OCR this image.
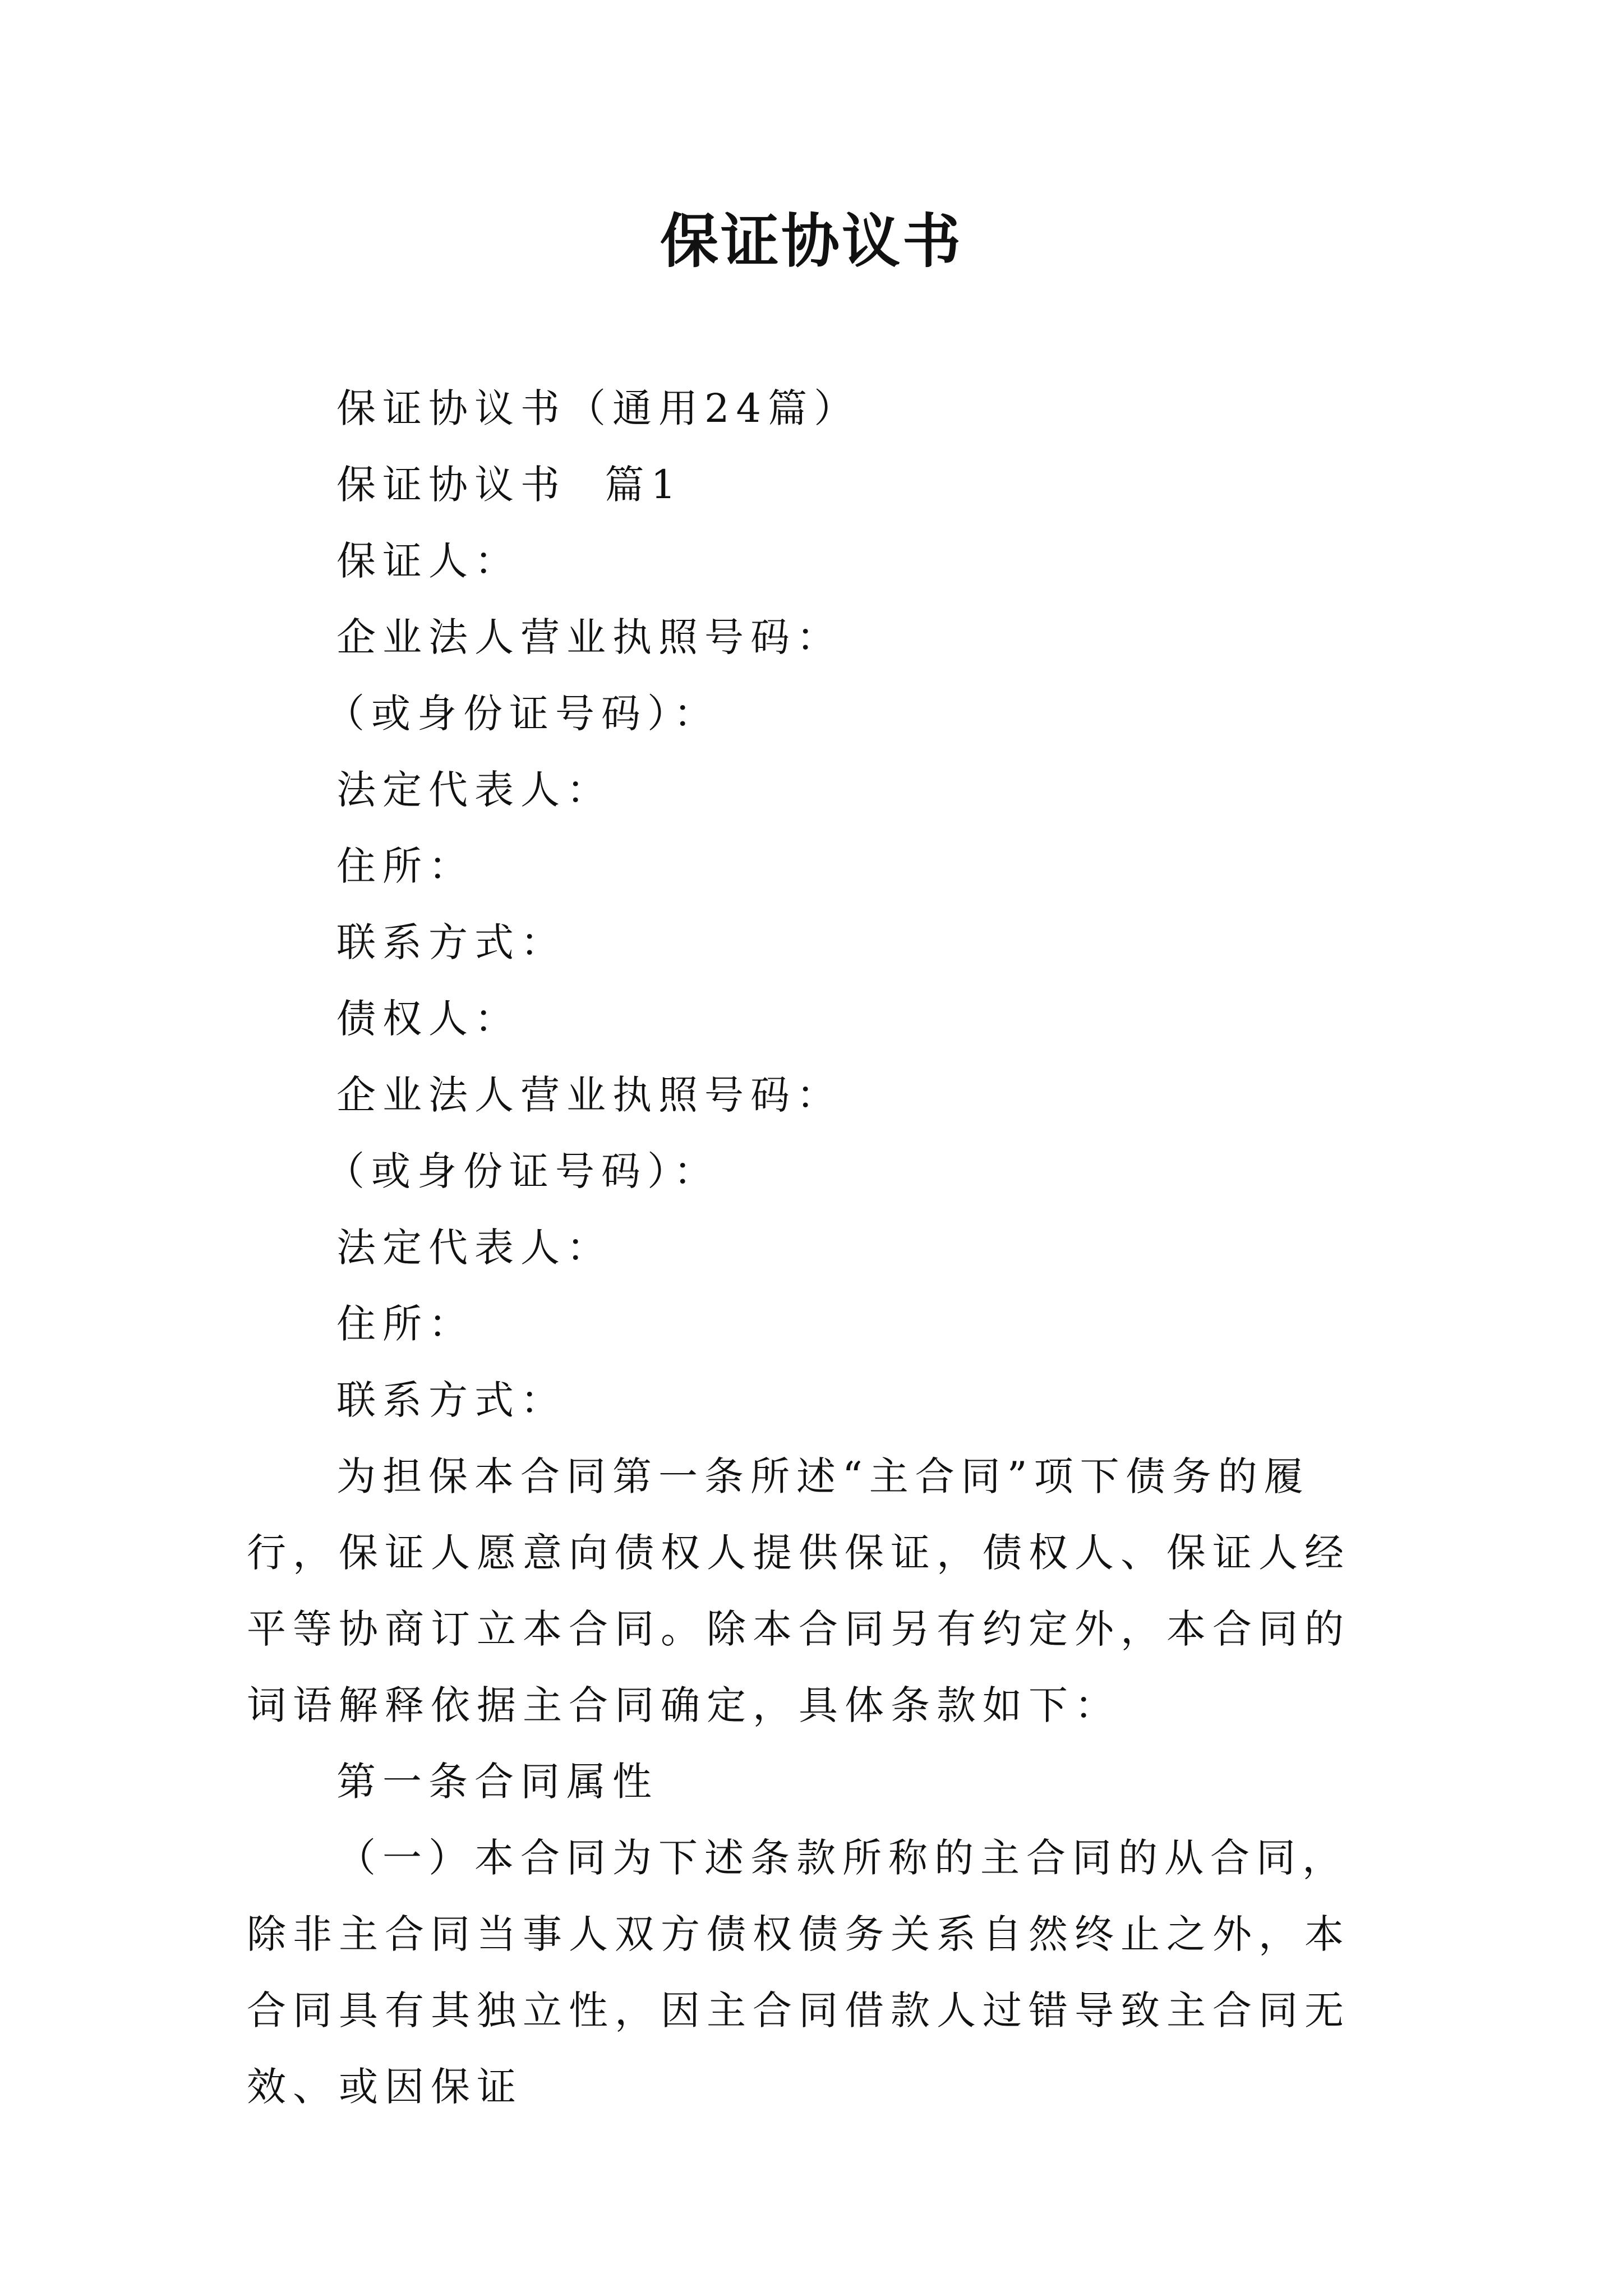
保证协议书

保证协议书（通用24篇）

保证协议书  篇1

保证人：

企业法人营业执照号码：

（或身份证号码）：

法定代表人：

住所：

联系方式：

债权人：

企业法人营业执照号码：

（或身份证号码）：

法定代表人：

住所：

联系方式：

为担保本合同第一条所述“主合同”项下债务的履行，保证人愿意向债权人提供保证，债权人、保证人经平等协商订立本合同。除本合同另有约定外，本合同的词语解释依据主合同确定，具体条款如下：

第一条合同属性

（一）本合同为下述条款所称的主合同的从合同，除非主合同当事人双方债权债务关系自然终止之外，本合同具有其独立性，因主合同借款人过错导致主合同无效、或因保证
